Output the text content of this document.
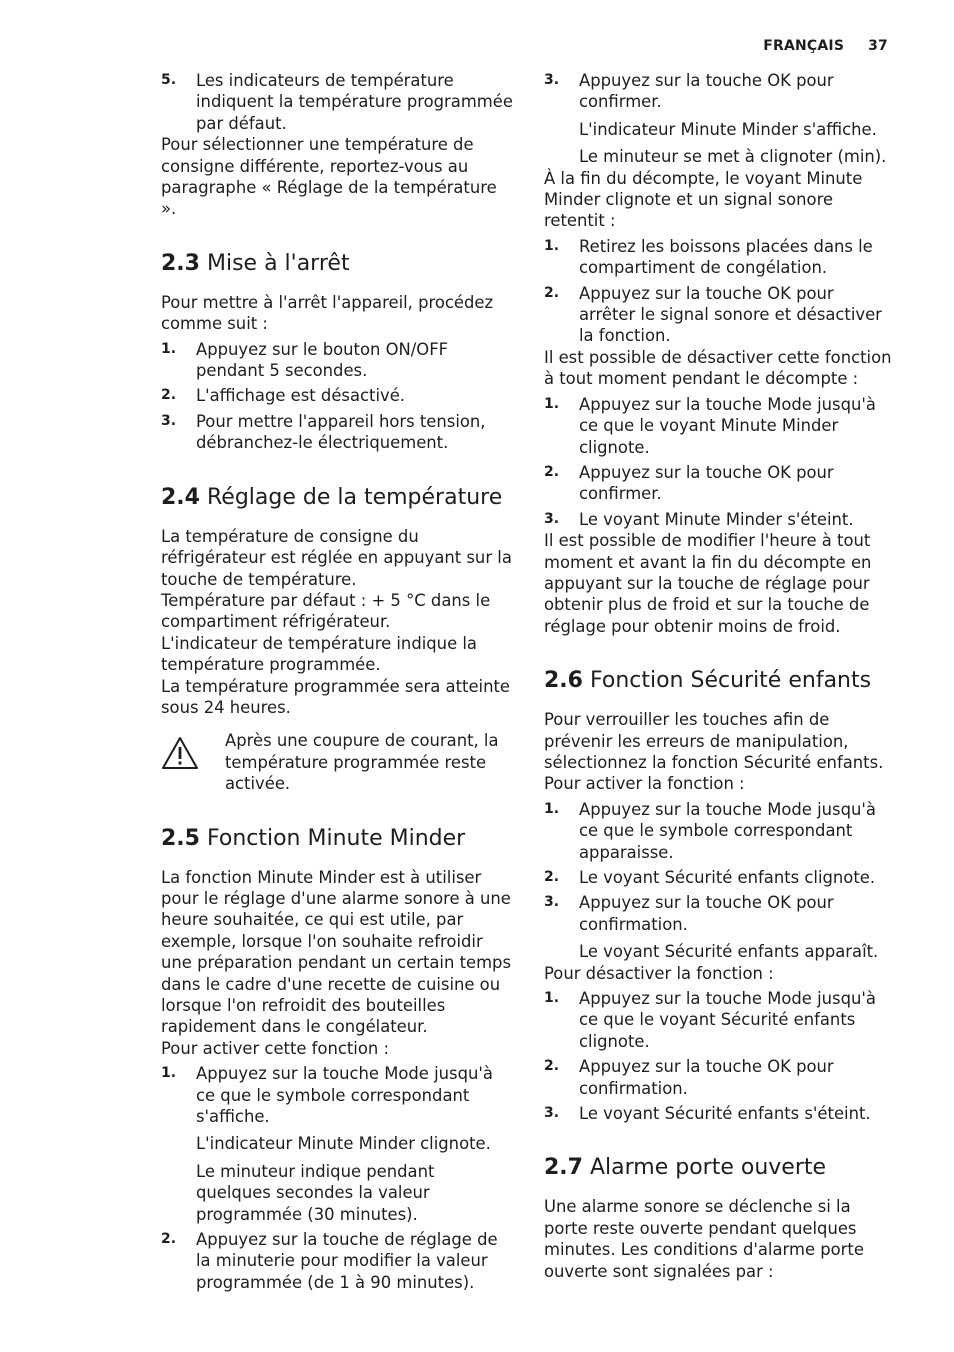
FRANÇAIS 37
5.	Les indicateurs de température indiquent la température programmée par défaut.

Pour sélectionner une température de consigne différente, reportez-vous au paragraphe « Réglage de la température ».

2.3 Mise à l'arrêt

Pour mettre à l'arrêt l'appareil, procédez comme suit :

1.	Appuyez sur le bouton ON/OFF pendant 5 secondes.
2.	L'affichage est désactivé.
3.	Pour mettre l'appareil hors tension, débranchez-le électriquement.
2.4 Réglage de la température

La température de consigne du réfrigérateur est réglée en appuyant sur la touche de température.

Température par défaut : + 5 °C dans le compartiment réfrigérateur.

L'indicateur de température indique la température programmée.

La température programmée sera atteinte sous 24 heures.

Après une coupure de courant, la température programmée reste activée.
2.5 Fonction Minute Minder

La fonction Minute Minder est à utiliser pour le réglage d'une alarme sonore à une heure souhaitée, ce qui est utile, par exemple, lorsque l'on souhaite refroidir une préparation pendant un certain temps dans le cadre d'une recette de cuisine ou lorsque l'on refroidit des bouteilles rapidement dans le congélateur.

Pour activer cette fonction :

1.	Appuyez sur la touche Mode jusqu'à ce que le symbole correspondant s'affiche.

L'indicateur Minute Minder clignote.

Le minuteur indique pendant quelques secondes la valeur programmée (30 minutes).

2.	Appuyez sur la touche de réglage de la minuterie pour modifier la valeur programmée (de 1 à 90 minutes).
3.	Appuyez sur la touche OK pour confirmer.

L'indicateur Minute Minder s'affiche.

Le minuteur se met à clignoter (min).

À la fin du décompte, le voyant Minute Minder clignote et un signal sonore retentit :

1.	Retirez les boissons placées dans le compartiment de congélation.
2.	Appuyez sur la touche OK pour arrêter le signal sonore et désactiver la fonction.

Il est possible de désactiver cette fonction à tout moment pendant le décompte :

1.	Appuyez sur la touche Mode jusqu'à ce que le voyant Minute Minder clignote.
2.	Appuyez sur la touche OK pour confirmer.
3.	Le voyant Minute Minder s'éteint.

Il est possible de modifier l'heure à tout moment et avant la fin du décompte en appuyant sur la touche de réglage pour obtenir plus de froid et sur la touche de réglage pour obtenir moins de froid.

2.6 Fonction Sécurité enfants

Pour verrouiller les touches afin de prévenir les erreurs de manipulation, sélectionnez la fonction Sécurité enfants.

Pour activer la fonction :

1.	Appuyez sur la touche Mode jusqu'à ce que le symbole correspondant apparaisse.
2.	Le voyant Sécurité enfants clignote.
3.	Appuyez sur la touche OK pour confirmation.

Le voyant Sécurité enfants apparaît.

Pour désactiver la fonction :

1.	Appuyez sur la touche Mode jusqu'à ce que le voyant Sécurité enfants clignote.
2.	Appuyez sur la touche OK pour confirmation.
3.	Le voyant Sécurité enfants s'éteint.
2.7 Alarme porte ouverte

Une alarme sonore se déclenche si la porte reste ouverte pendant quelques minutes. Les conditions d'alarme porte ouverte sont signalées par :
